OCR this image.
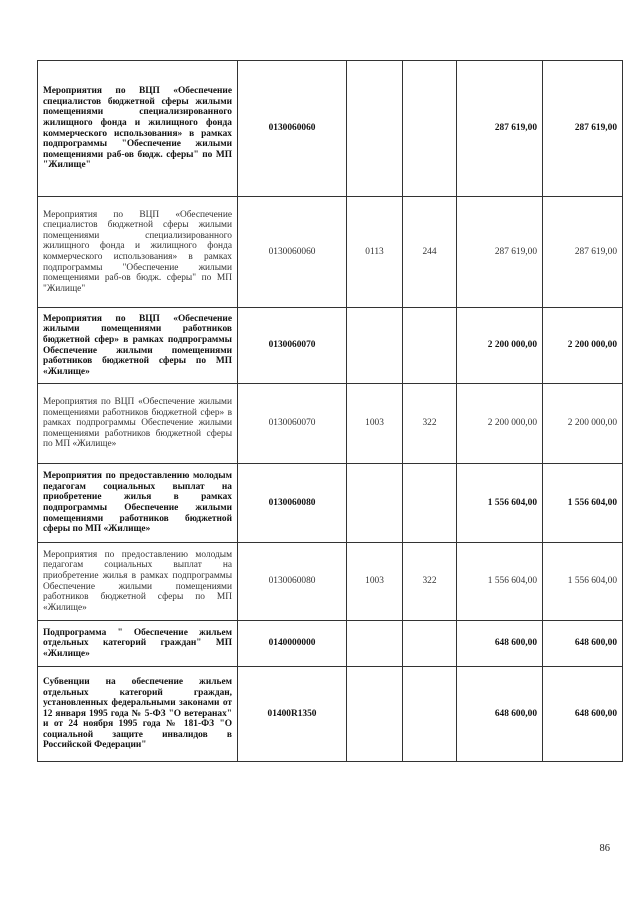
Мероприятия по ВЦП «Обеспечение специалистов бюджетной сферы жилыми помещениями специализированного жилищного фонда и жилищного фонда коммерческого использования» в рамках подпрограммы "Обеспечение жилыми помещениями раб-ов бюдж. сферы" по МП "Жилище"	0130060060			287 619,00	287 619,00
Мероприятия по ВЦП «Обеспечение специалистов бюджетной сферы жилыми помещениями специализированного жилищного фонда и жилищного фонда коммерческого использования» в рамках подпрограммы "Обеспечение жилыми помещениями раб-ов бюдж. сферы" по МП "Жилище"	0130060060	0113	244	287 619,00	287 619,00
Мероприятия по ВЦП «Обеспечение жилыми помещениями работников бюджетной сфер» в рамках подпрограммы Обеспечение жилыми помещениями работников бюджетной сферы по МП «Жилище»	0130060070			2 200 000,00	2 200 000,00
Мероприятия по ВЦП «Обеспечение жилыми помещениями работников бюджетной сфер» в рамках подпрограммы Обеспечение жилыми помещениями работников бюджетной сферы по МП «Жилище»	0130060070	1003	322	2 200 000,00	2 200 000,00
Мероприятия по предоставлению молодым педагогам социальных выплат на приобретение жилья в рамках подпрограммы Обеспечение жилыми помещениями работников бюджетной сферы по МП «Жилище»	0130060080			1 556 604,00	1 556 604,00
Мероприятия по предоставлению молодым педагогам социальных выплат на приобретение жилья в рамках подпрограммы Обеспечение жилыми помещениями работников бюджетной сферы по МП «Жилище»	0130060080	1003	322	1 556 604,00	1 556 604,00
Подпрограмма " Обеспечение жильем отдельных категорий граждан" МП «Жилище»	0140000000			648 600,00	648 600,00
Субвенции на обеспечение жильем отдельных категорий граждан, установленных федеральными законами от 12 января 1995 года № 5-ФЗ "О ветеранах" и от 24 ноября 1995 года № 181-ФЗ "О социальной защите инвалидов в Российской Федерации"	01400R1350			648 600,00	648 600,00
86
